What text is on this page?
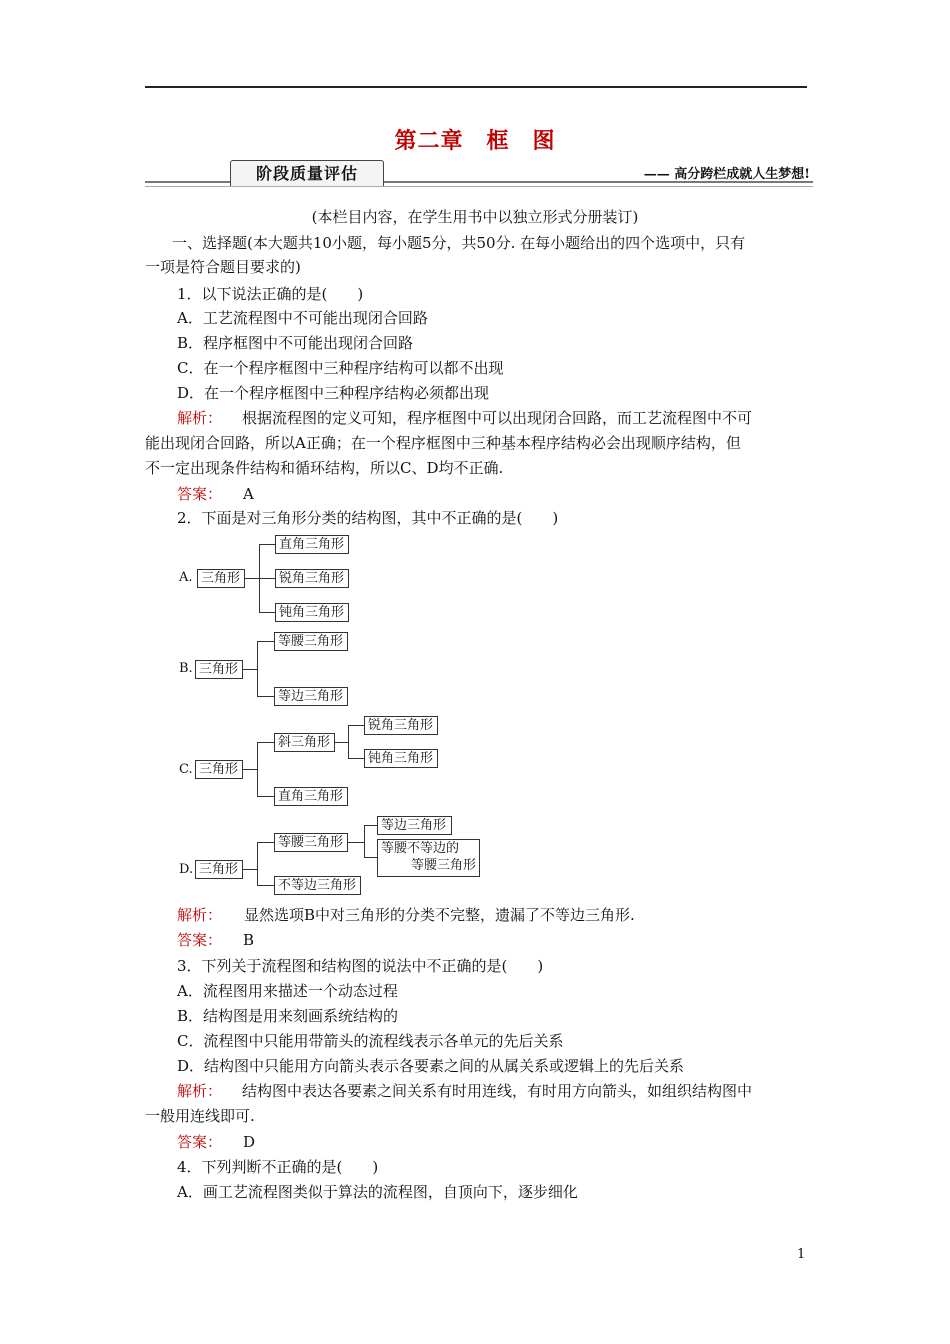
第二章　框　图
阶段质量评估	—— 高分跨栏成就人生梦想!
(本栏目内容，在学生用书中以独立形式分册装订)
一、选择题(本大题共10小题，每小题5分，共50分. 在每小题给出的四个选项中，只有
一项是符合题目要求的)
1．以下说法正确的是(　　)
A．工艺流程图中不可能出现闭合回路
B．程序框图中不可能出现闭合回路
C．在一个程序框图中三种程序结构可以都不出现
D．在一个程序框图中三种程序结构必须都出现
解析： 根据流程图的定义可知，程序框图中可以出现闭合回路，而工艺流程图中不可
能出现闭合回路，所以A正确；在一个程序框图中三种基本程序结构必会出现顺序结构，但
不一定出现条件结构和循环结构，所以C、D均不正确.
答案： A
2．下面是对三角形分类的结构图，其中不正确的是(　　)
A. 三角形
直角三角形
锐角三角形
钝角三角形
B. 三角形
等腰三角形
等边三角形
C. 三角形
斜三角形
直角三角形
锐角三角形
钝角三角形
D. 三角形
等腰三角形
不等边三角形
等边三角形
等腰不等边的
等腰三角形
解析： 显然选项B中对三角形的分类不完整，遗漏了不等边三角形.
答案： B
3．下列关于流程图和结构图的说法中不正确的是(　　)
A．流程图用来描述一个动态过程
B．结构图是用来刻画系统结构的
C．流程图中只能用带箭头的流程线表示各单元的先后关系
D．结构图中只能用方向箭头表示各要素之间的从属关系或逻辑上的先后关系
解析： 结构图中表达各要素之间关系有时用连线，有时用方向箭头，如组织结构图中
一般用连线即可.
答案： D
4．下列判断不正确的是(　　)
A．画工艺流程图类似于算法的流程图，自顶向下，逐步细化
1
